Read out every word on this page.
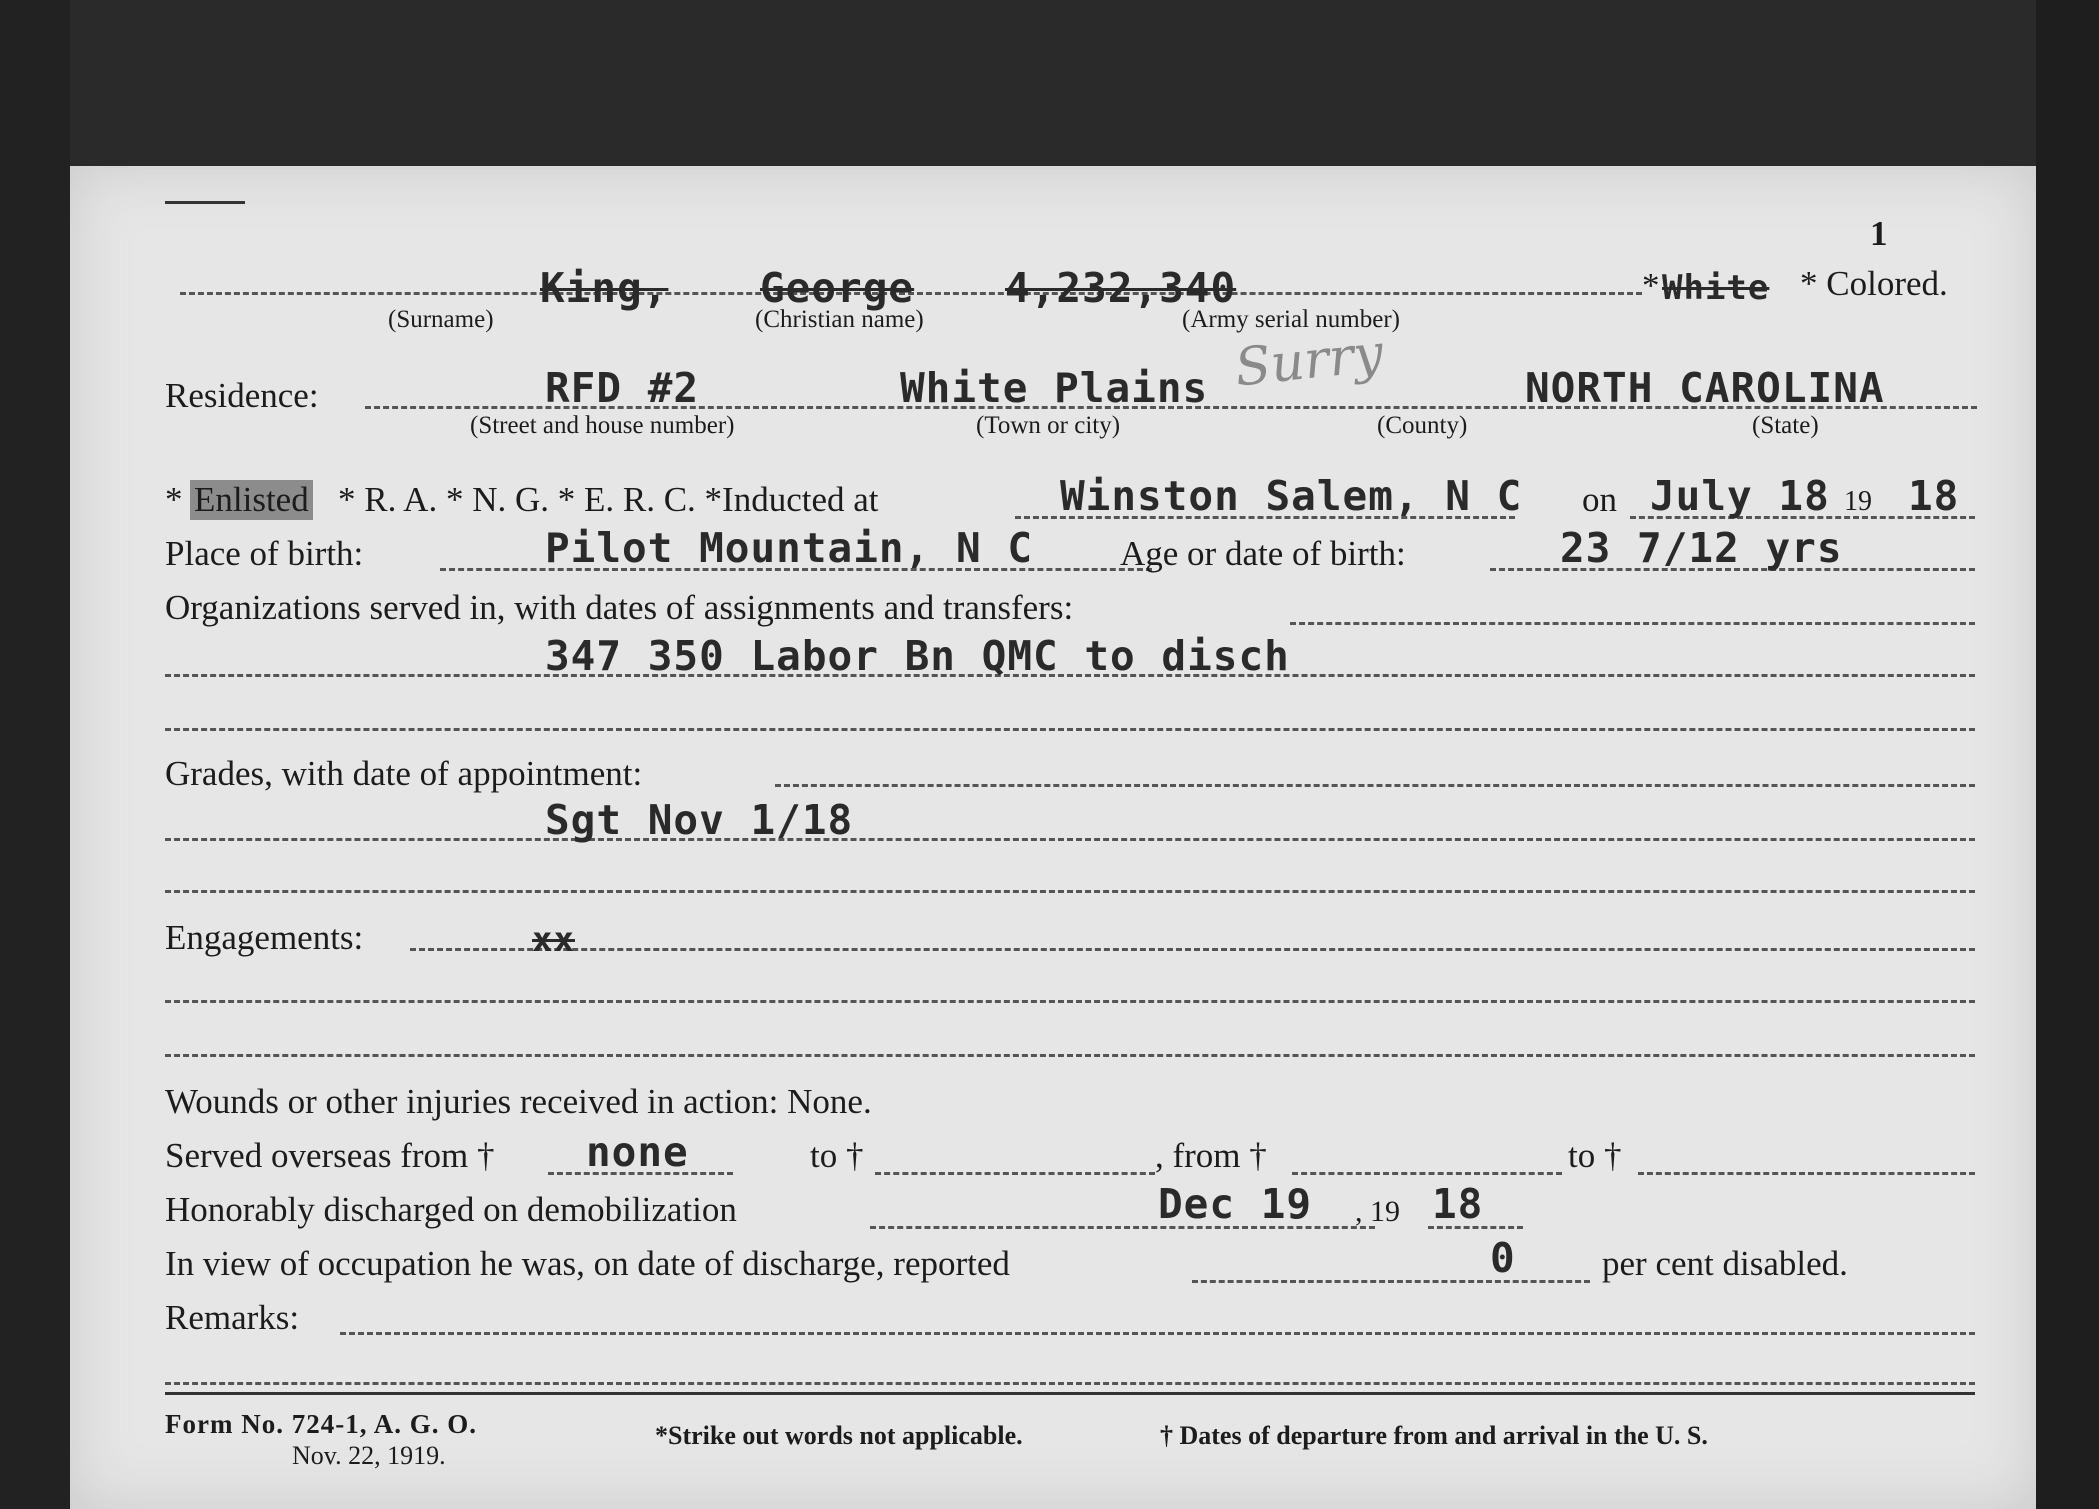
1
King, George 4,232,340	* White * Colored.
(Surname)	(Christian name)	(Army serial number)
Residence:	RFD #2	White Plains Surry	NORTH CAROLINA
(Street and house number)	(Town or city)	(County)	(State)
* Enlisted * R. A. * N. G. * E. R. C. *Inducted at	Winston Salem, N C on July 18 19 18
Place of birth:	Pilot Mountain, N C Age or date of birth:	23 7/12 yrs
Organizations served in, with dates of assignments and transfers:
347 350 Labor Bn QMC to disch
Grades, with date of appointment:
Sgt Nov 1/18
Engagements:	xx
Wounds or other injuries received in action: None.
Served overseas from † none	to †	, from †	to †
Honorably discharged on demobilization	Dec 19 , 19 18
In view of occupation he was, on date of discharge, reported	0 per cent disabled.
Remarks:
Form No. 724-1, A. G. O.
Nov. 22, 1919.
*Strike out words not applicable.	† Dates of departure from and arrival in the U. S.
